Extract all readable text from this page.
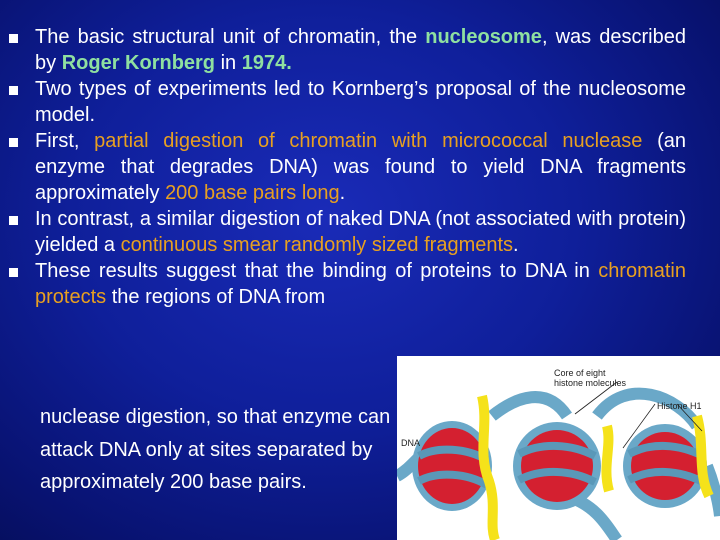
The basic structural unit of chromatin, the nucleosome, was described by Roger Kornberg in 1974.
Two types of experiments led to Kornberg’s proposal of the nucleosome model.
First, partial digestion of chromatin with micrococcal nuclease (an enzyme that degrades DNA) was found to yield DNA fragments approximately 200 base pairs long.
In contrast, a similar digestion of naked DNA (not associated with protein) yielded a continuous smear randomly sized fragments.
These results suggest that the binding of proteins to DNA in chromatin protects the regions of DNA from
nuclease digestion, so that enzyme can
attack DNA only at sites separated by
approximately 200 base pairs.
Core of eight
histone molecules
Histone H1
DNA
